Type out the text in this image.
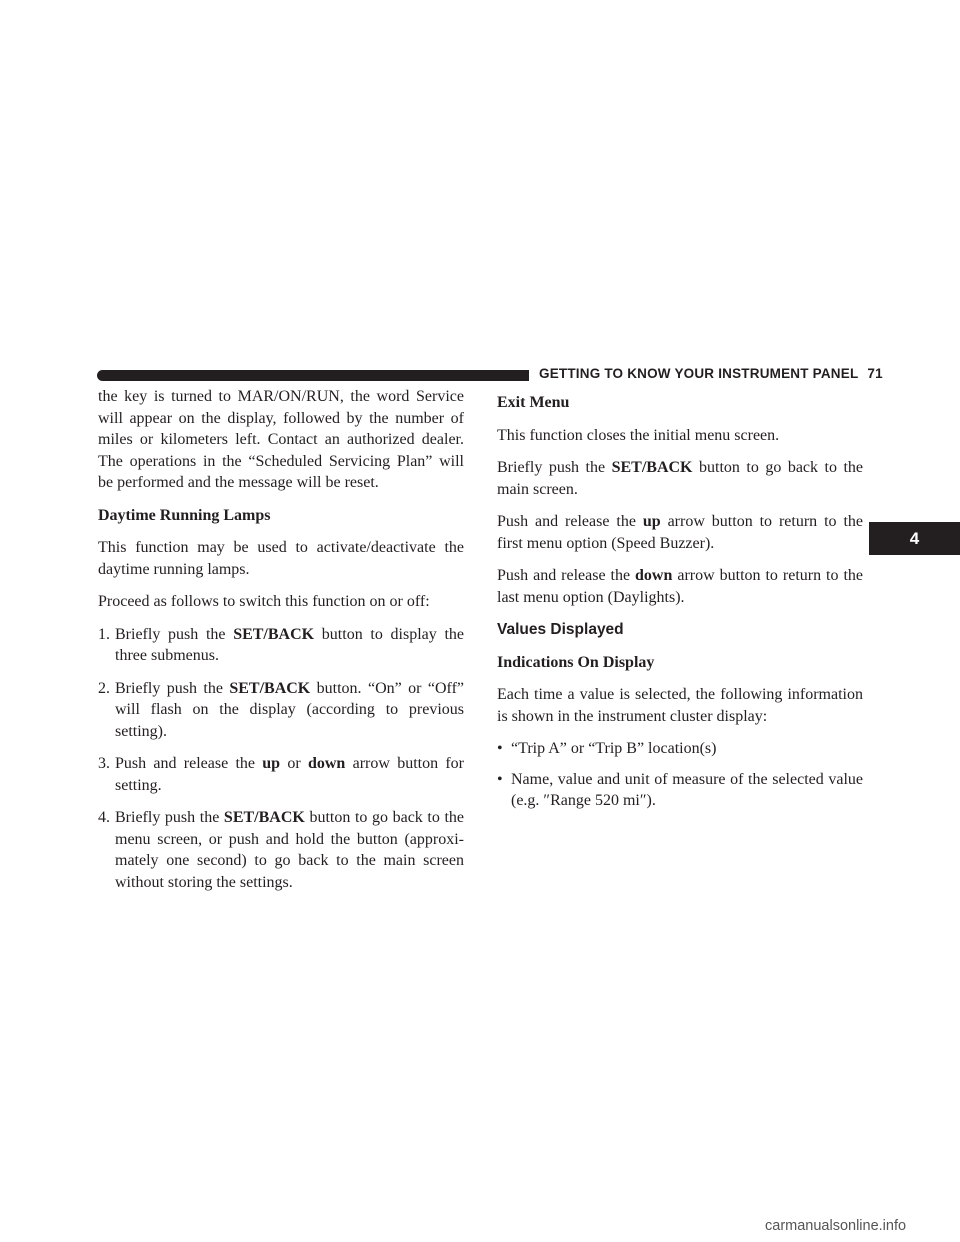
GETTING TO KNOW YOUR INSTRUMENT PANEL 71
4

the key is turned to MAR/ON/RUN, the word Service will appear on the display, followed by the number of miles or kilometers left. Contact an authorized dealer. The operations in the “Scheduled Servicing Plan” will be performed and the message will be reset.

Daytime Running Lamps

This function may be used to activate/deactivate the daytime running lamps.

Proceed as follows to switch this function on or off:

1. Briefly push the SET/BACK button to display the three submenus.
2. Briefly push the SET/BACK button. “On” or “Off” will flash on the display (according to previous setting).
3. Push and release the up or down arrow button for setting.
4. Briefly push the SET/BACK button to go back to the menu screen, or push and hold the button (approxi-mately one second) to go back to the main screen without storing the settings.
Exit Menu

This function closes the initial menu screen.

Briefly push the SET/BACK button to go back to the main screen.

Push and release the up arrow button to return to the first menu option (Speed Buzzer).

Push and release the down arrow button to return to the last menu option (Daylights).

Values Displayed
Indications On Display

Each time a value is selected, the following information is shown in the instrument cluster display:

• “Trip A” or “Trip B” location(s)
• Name, value and unit of measure of the selected value (e.g. ″Range 520 mi″).
carmanualsonline.info
